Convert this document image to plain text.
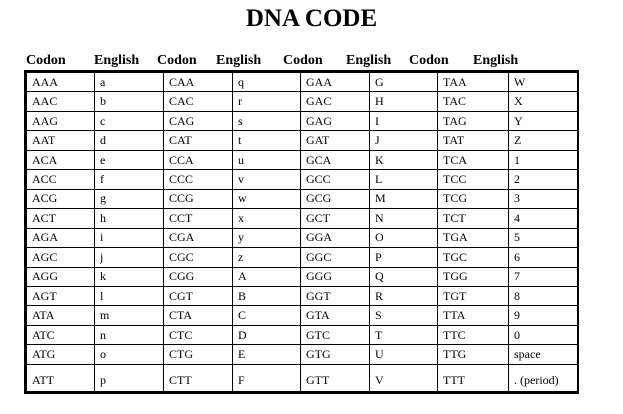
DNA CODE
Codon English Codon English Codon English Codon English
AAA	a	CAA	q	GAA	G	TAA	W
AAC	b	CAC	r	GAC	H	TAC	X
AAG	c	CAG	s	GAG	I	TAG	Y
AAT	d	CAT	t	GAT	J	TAT	Z
ACA	e	CCA	u	GCA	K	TCA	1
ACC	f	CCC	v	GCC	L	TCC	2
ACG	g	CCG	w	GCG	M	TCG	3
ACT	h	CCT	x	GCT	N	TCT	4
AGA	i	CGA	y	GGA	O	TGA	5
AGC	j	CGC	z	GGC	P	TGC	6
AGG	k	CGG	A	GGG	Q	TGG	7
AGT	l	CGT	B	GGT	R	TGT	8
ATA	m	CTA	C	GTA	S	TTA	9
ATC	n	CTC	D	GTC	T	TTC	0
ATG	o	CTG	E	GTG	U	TTG	space
ATT	p	CTT	F	GTT	V	TTT	. (period)
